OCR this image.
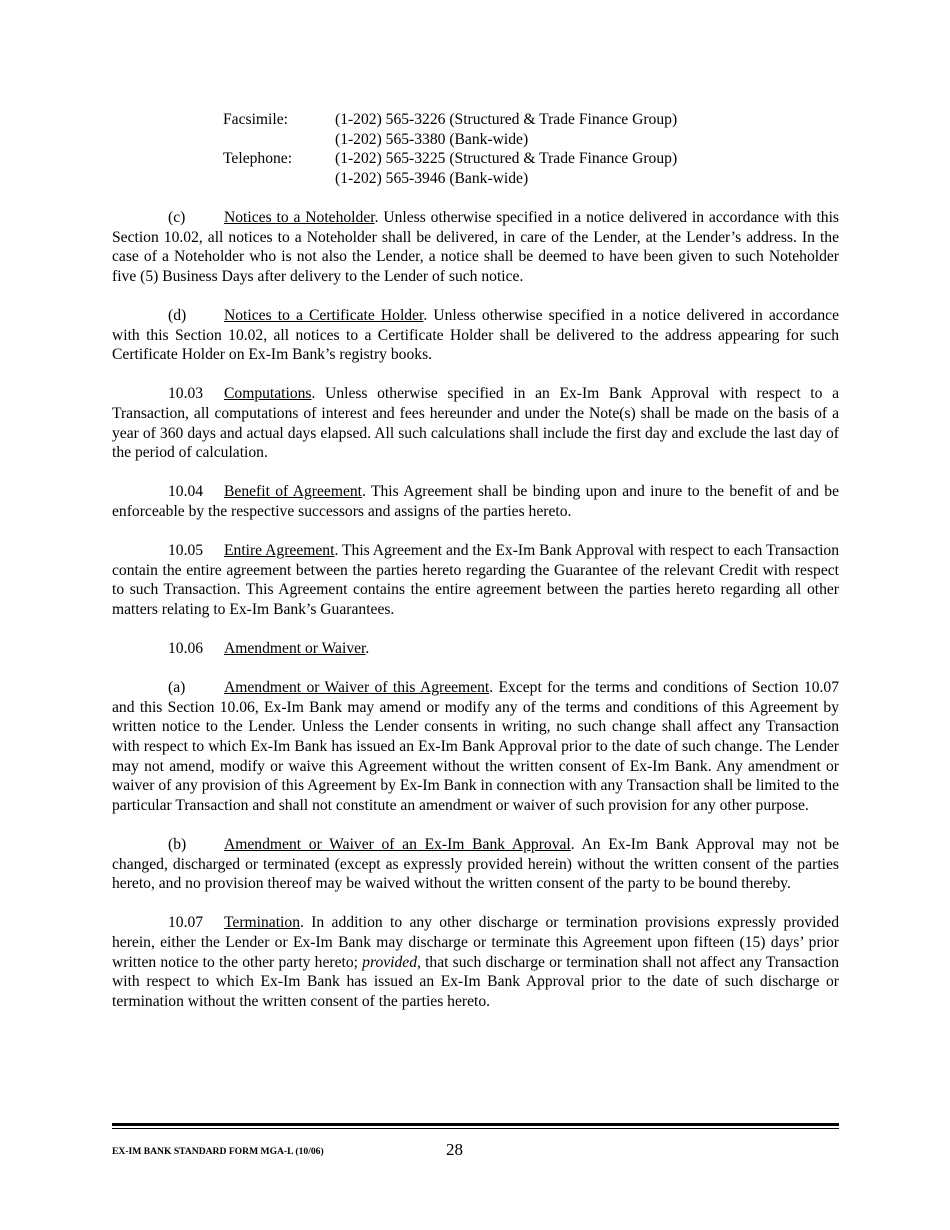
Facsimile:	(1-202) 565-3226 (Structured & Trade Finance Group)
(1-202) 565-3380 (Bank-wide)
Telephone:	(1-202) 565-3225 (Structured & Trade Finance Group)
(1-202) 565-3946 (Bank-wide)

(c) Notices to a Noteholder. Unless otherwise specified in a notice delivered in accordance with this Section 10.02, all notices to a Noteholder shall be delivered, in care of the Lender, at the Lender’s address. In the case of a Noteholder who is not also the Lender, a notice shall be deemed to have been given to such Noteholder five (5) Business Days after delivery to the Lender of such notice.

(d) Notices to a Certificate Holder. Unless otherwise specified in a notice delivered in accordance with this Section 10.02, all notices to a Certificate Holder shall be delivered to the address appearing for such Certificate Holder on Ex-Im Bank’s registry books.

10.03 Computations. Unless otherwise specified in an Ex-Im Bank Approval with respect to a Transaction, all computations of interest and fees hereunder and under the Note(s) shall be made on the basis of a year of 360 days and actual days elapsed. All such calculations shall include the first day and exclude the last day of the period of calculation.

10.04 Benefit of Agreement. This Agreement shall be binding upon and inure to the benefit of and be enforceable by the respective successors and assigns of the parties hereto.

10.05 Entire Agreement. This Agreement and the Ex-Im Bank Approval with respect to each Transaction contain the entire agreement between the parties hereto regarding the Guarantee of the relevant Credit with respect to such Transaction. This Agreement contains the entire agreement between the parties hereto regarding all other matters relating to Ex-Im Bank’s Guarantees.

10.06 Amendment or Waiver.

(a) Amendment or Waiver of this Agreement. Except for the terms and conditions of Section 10.07 and this Section 10.06, Ex-Im Bank may amend or modify any of the terms and conditions of this Agreement by written notice to the Lender. Unless the Lender consents in writing, no such change shall affect any Transaction with respect to which Ex-Im Bank has issued an Ex-Im Bank Approval prior to the date of such change. The Lender may not amend, modify or waive this Agreement without the written consent of Ex-Im Bank. Any amendment or waiver of any provision of this Agreement by Ex-Im Bank in connection with any Transaction shall be limited to the particular Transaction and shall not constitute an amendment or waiver of such provision for any other purpose.

(b) Amendment or Waiver of an Ex-Im Bank Approval. An Ex-Im Bank Approval may not be changed, discharged or terminated (except as expressly provided herein) without the written consent of the parties hereto, and no provision thereof may be waived without the written consent of the party to be bound thereby.

10.07 Termination. In addition to any other discharge or termination provisions expressly provided herein, either the Lender or Ex-Im Bank may discharge or terminate this Agreement upon fifteen (15) days’ prior written notice to the other party hereto; provided, that such discharge or termination shall not affect any Transaction with respect to which Ex-Im Bank has issued an Ex-Im Bank Approval prior to the date of such discharge or termination without the written consent of the parties hereto.

EX-IM BANK STANDARD FORM MGA-L (10/06)	28
